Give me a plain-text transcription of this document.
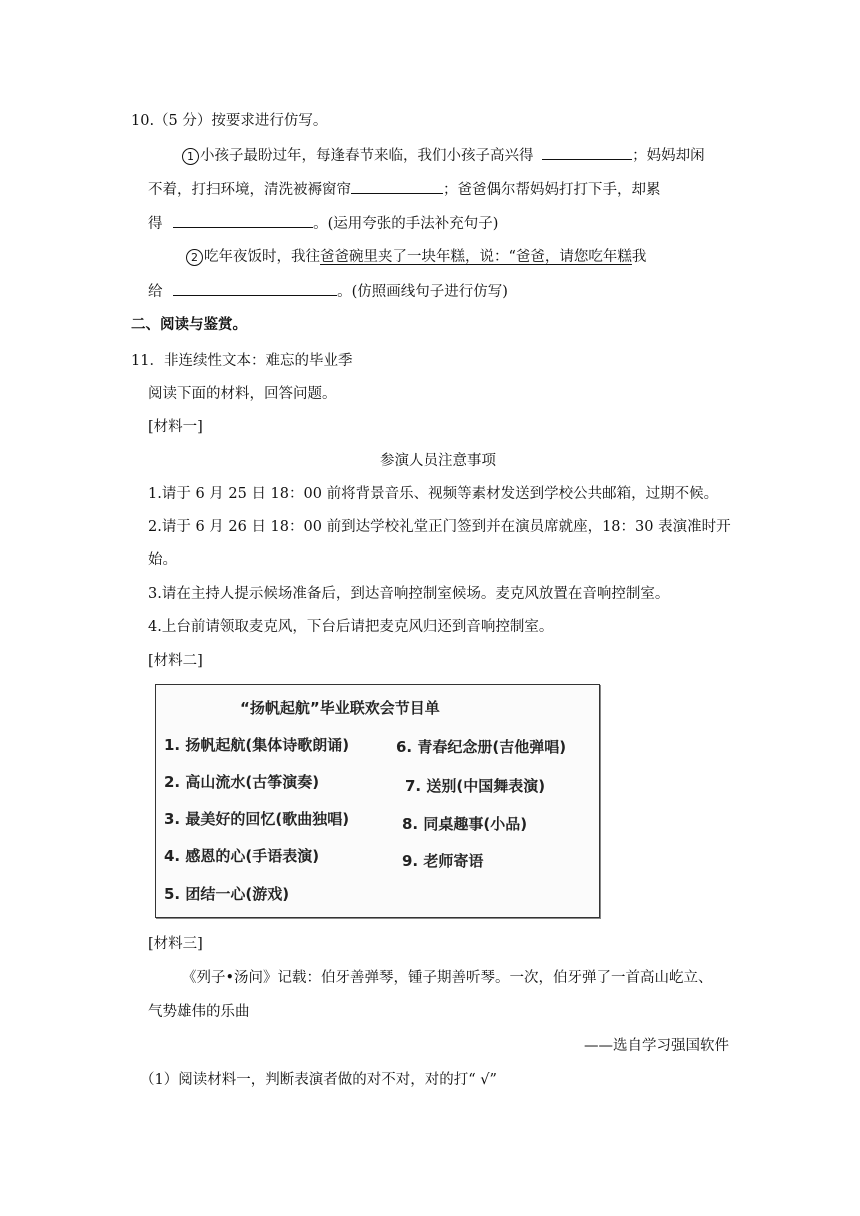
10.（5 分）按要求进行仿写。
1 小孩子最盼过年，每逢春节来临，我们小孩子高兴得	；妈妈却闲
不着，打扫环境，清洗被褥窗帘	；爸爸偶尔帮妈妈打打下手，却累
得	。(运用夸张的手法补充句子)
2 吃年夜饭时，我往爸爸碗里夹了一块年糕，说：“爸爸，请您吃年糕我
给	。(仿照画线句子进行仿写)
二、阅读与鉴赏。
11．非连续性文本：难忘的毕业季
阅读下面的材料，回答问题。
[材料一]
参演人员注意事项
1.请于 6 月 25 日 18：00 前将背景音乐、视频等素材发送到学校公共邮箱，过期不候。
2.请于 6 月 26 日 18：00 前到达学校礼堂正门签到并在演员席就座，18：30 表演准时开
始。
3.请在主持人提示候场准备后，到达音响控制室候场。麦克风放置在音响控制室。
4.上台前请领取麦克风，下台后请把麦克风归还到音响控制室。
[材料二]
“扬帆起航”毕业联欢会节目单
1. 扬帆起航(集体诗歌朗诵)
2. 高山流水(古筝演奏)
3. 最美好的回忆(歌曲独唱)
4. 感恩的心(手语表演)
5. 团结一心(游戏)
6. 青春纪念册(吉他弹唱)
7. 送别(中国舞表演)
8. 同桌趣事(小品)
9. 老师寄语
[材料三]
《列子•汤问》记载：伯牙善弹琴，锺子期善听琴。一次，伯牙弹了一首高山屹立、
气势雄伟的乐曲
——选自学习强国软件
（1）阅读材料一，判断表演者做的对不对，对的打“ √”
